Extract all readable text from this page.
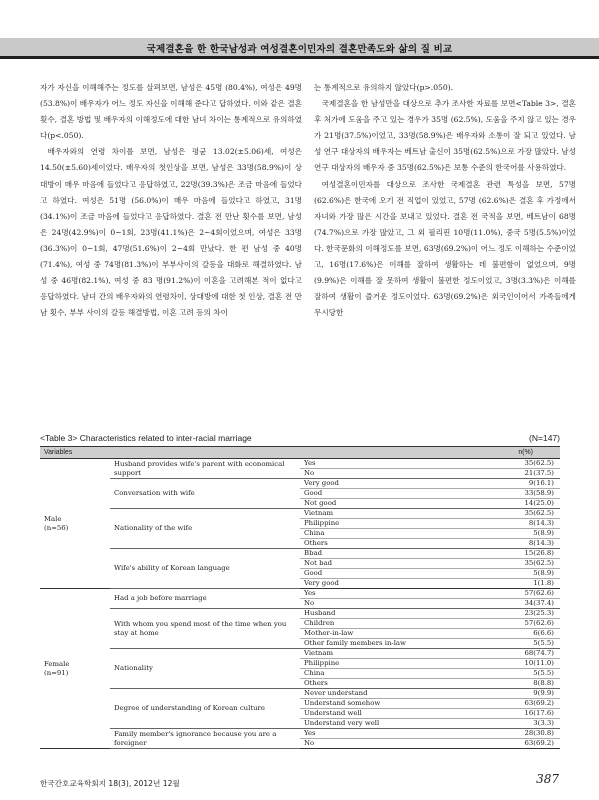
국제결혼을 한 한국남성과 여성결혼이민자의 결혼만족도와 삶의 질 비교

자가 자신을 이해해주는 정도를 살펴보면, 남성은 45명 (80.4%), 여성은 49명(53.8%)이 배우자가 어느 정도 자신을 이해해 준다고 답하였다. 이와 같은 결혼횟수, 결혼 방법 및 배우자의 이해정도에 대한 남녀 차이는 통계적으로 유의하였다(p<.050).

배우자와의 연령 차이를 보면, 남성은 평균 13.02(±5.06)세, 여성은 14.50(±5.60)세이었다. 배우자의 첫인상을 보면, 남성은 33명(58.9%)이 상대방이 매우 마음에 들었다고 응답하였고, 22명(39.3%)은 조금 마음에 들었다고 하였다. 여성은 51명 (56.0%)이 매우 마음에 들었다고 하였고, 31명(34.1%)이 조금 마음에 들었다고 응답하였다. 결혼 전 만난 횟수를 보면, 남성은 24명(42.9%)이 0~1회, 23명(41.1%)은 2~4회이었으며, 여성은 33명(36.3%)이 0~1회, 47명(51.6%)이 2~4회 만났다. 한 편 남성 중 40명(71.4%), 여성 중 74명(81.3%)이 부부사이의 갈등을 대화로 해결하였다. 남성 중 46명(82.1%), 여성 중 83 명(91.2%)이 이혼을 고려해본 적이 없다고 응답하였다. 남녀 간의 배우자와의 연령차이, 상대방에 대한 첫 인상, 결혼 전 만남 횟수, 부부 사이의 갈등 해결방법, 이혼 고려 등의 차이

는 통계적으로 유의하지 않았다(p>.050).

국제결혼을 한 남성만을 대상으로 추가 조사한 자료를 보면<Table 3>, 결혼 후 처가에 도움을 주고 있는 경우가 35명 (62.5%), 도움을 주지 않고 있는 경우가 21명(37.5%)이었고, 33명(58.9%)은 배우자와 소통이 잘 되고 있었다. 남성 연구 대상자의 배우자는 베트남 출신이 35명(62.5%)으로 가장 많았다. 남성 연구 대상자의 배우자 중 35명(62.5%)은 보통 수준의 한국어를 사용하였다.

여성결혼이민자를 대상으로 조사한 국제결혼 관련 특성을 보면, 57명(62.6%)은 한국에 오기 전 직업이 있었고, 57명 (62.6%)은 결혼 후 가정에서 자녀와 가장 많은 시간을 보내고 있었다. 결혼 전 국적을 보면, 베트남이 68명(74.7%)으로 가장 많았고, 그 외 필리핀 10명(11.0%), 중국 5명(5.5%)이었다. 한국문화의 이해정도를 보면, 63명(69.2%)이 어느 정도 이해하는 수준이었고, 16명(17.6%)은 이해를 잘하여 생활하는 데 불편함이 없었으며, 9명(9.9%)은 이해를 잘 못하여 생활이 불편한 정도이었고, 3명(3.3%)은 이해를 잘하여 생활이 즐거운 정도이었다. 63명(69.2%)은 외국인이어서 가족들에게 무시당한

<Table 3> Characteristics related to inter-racial marriage	(N=147)
Variables			n(%)

Male
(n=56)	Husband provides wife's parent with economical support	Yes	35(62.5)
		No	21(37.5)
	Conversation with wife	Very good	9(16.1)
		Good	33(58.9)
		Not good	14(25.0)
	Nationality of the wife	Vietnam	35(62.5)
		Philippine	8(14.3)
		China	5(8.9)
		Others	8(14.3)
	Wife's ability of Korean language	Bbad	15(26.8)
		Not bad	35(62.5)
		Good	5(8.9)
		Very good	1(1.8)

Female
(n=91)	Had a job before marriage	Yes	57(62.6)
		No	34(37.4)
	With whom you spend most of the time when you stay at home	Husband	23(25.3)
		Children	57(62.6)
		Mother-in-law	6(6.6)
		Other family members in-law	5(5.5)
	Nationality	Vietnam	68(74.7)
		Philippine	10(11.0)
		China	5(5.5)
		Others	8(8.8)
	Degree of understanding of Korean culture	Never understand	9(9.9)
		Understand somehow	63(69.2)
		Understand well	16(17.6)
		Understand very well	3(3.3)
	Family member's ignorance because you are a foreigner	Yes	28(30.8)
		No	63(69.2)
한국간호교육학회지 18(3), 2012년 12월	387
